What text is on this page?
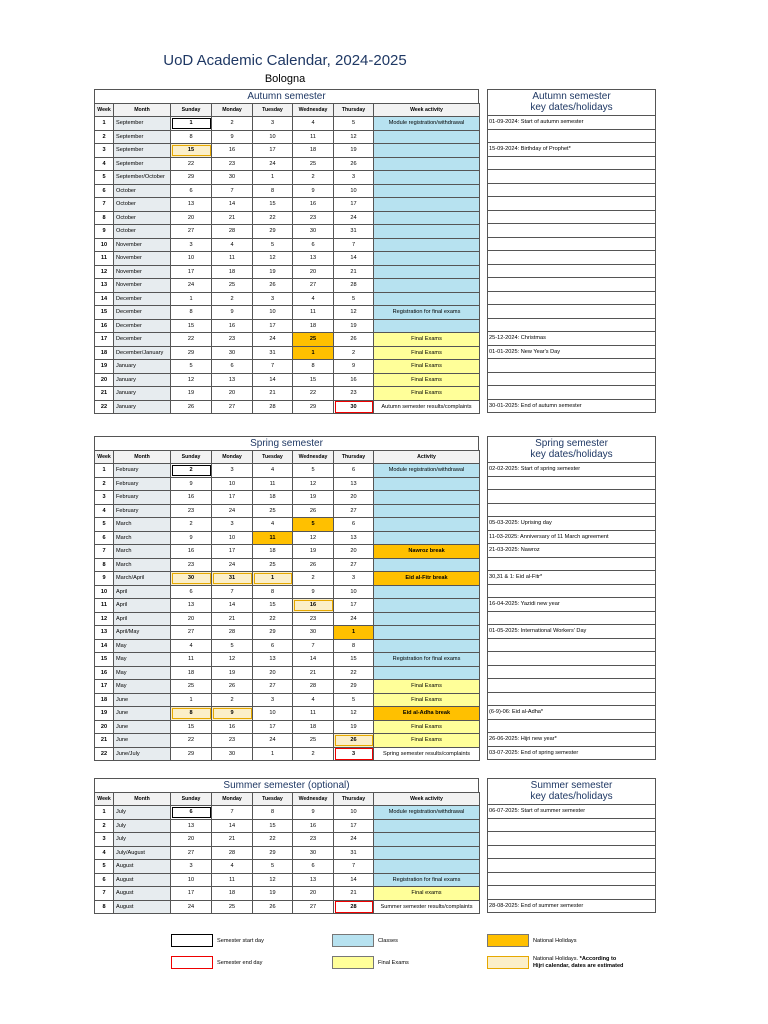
UoD Academic Calendar, 2024-2025
Bologna
Autumn semester
Week	Month	Sunday	Monday	Tuesday	Wednesday	Thursday	Week activity
1	September	1	2	3	4	5	Module registration/withdrawal
2	September	8	9	10	11	12	
3	September	15	16	17	18	19	
4	September	22	23	24	25	26	
5	September/October	29	30	1	2	3	
6	October	6	7	8	9	10	
7	October	13	14	15	16	17	
8	October	20	21	22	23	24	
9	October	27	28	29	30	31	
10	November	3	4	5	6	7	
11	November	10	11	12	13	14	
12	November	17	18	19	20	21	
13	November	24	25	26	27	28	
14	December	1	2	3	4	5	
15	December	8	9	10	11	12	Registration for final exams
16	December	15	16	17	18	19	
17	December	22	23	24	25	26	Final Exams
18	December/January	29	30	31	1	2	Final Exams
19	January	5	6	7	8	9	Final Exams
20	January	12	13	14	15	16	Final Exams
21	January	19	20	21	22	23	Final Exams
22	January	26	27	28	29	30	Autumn semester results/complaints
Autumn semester
key dates/holidays
01-09-2024: Start of autumn semester
15-09-2024: Birthday of Prophet*
25-12-2024: Christmas
01-01-2025: New Year's Day
30-01-2025: End of autumn semester
Spring semester
Week	Month	Sunday	Monday	Tuesday	Wednesday	Thursday	Activity
1	February	2	3	4	5	6	Module registration/withdrawal
2	February	9	10	11	12	13	
3	February	16	17	18	19	20	
4	February	23	24	25	26	27	
5	March	2	3	4	5	6	
6	March	9	10	11	12	13	
7	March	16	17	18	19	20	Nawroz break
8	March	23	24	25	26	27	
9	March/April	30	31	1	2	3	Eid al-Fitr break
10	April	6	7	8	9	10	
11	April	13	14	15	16	17	
12	April	20	21	22	23	24	
13	April/May	27	28	29	30	1	
14	May	4	5	6	7	8	
15	May	11	12	13	14	15	Registration for final exams
16	May	18	19	20	21	22	
17	May	25	26	27	28	29	Final Exams
18	June	1	2	3	4	5	Final Exams
19	June	8	9	10	11	12	Eid al-Adha break
20	June	15	16	17	18	19	Final Exams
21	June	22	23	24	25	26	Final Exams
22	June/July	29	30	1	2	3	Spring semester results/complaints
Spring semester
key dates/holidays
02-02-2025: Start of spring semester
05-03-2025: Uprising day
11-03-2025: Anniversary of 11 March agreement
21-03-2025: Nawroz
30,31 & 1: Eid al-Fitr*
16-04-2025: Yazidi new year
01-05-2025: International Workers' Day
(6-9)-06: Eid al-Adha*
26-06-2025: Hijri new year*
03-07-2025: End of spring semester
Summer semester (optional)
Week	Month	Sunday	Monday	Tuesday	Wednesday	Thursday	Week activity
1	July	6	7	8	9	10	Module registration/withdrawal
2	July	13	14	15	16	17	
3	July	20	21	22	23	24	
4	July/August	27	28	29	30	31	
5	August	3	4	5	6	7	
6	August	10	11	12	13	14	Registration for final exams
7	August	17	18	19	20	21	Final exams
8	August	24	25	26	27	28	Summer semester results/complaints
Summer semester
key dates/holidays
06-07-2025: Start of summer semester
28-08-2025: End of summer semester
Semester start day
Semester end day
Classes
Final Exams
National Holidays
National Holidays. *According to
Hijri calendar, dates are estimated
